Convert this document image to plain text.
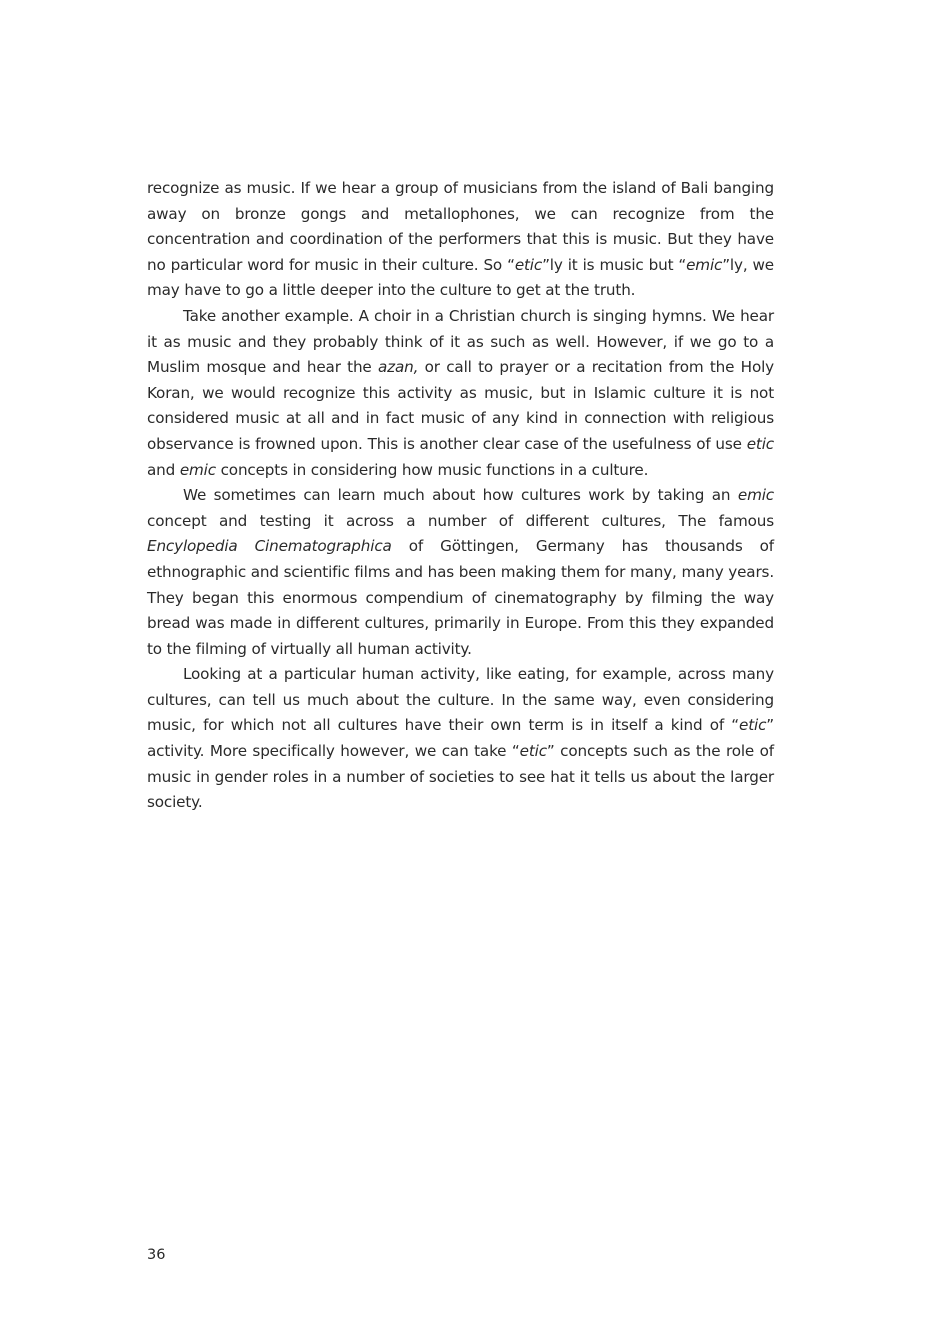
recognize as music. If we hear a group of musicians from the island of Bali banging away on bronze gongs and metallophones, we can recognize from the concentration and coordination of the performers that this is music. But they have no particular word for music in their culture. So “etic”ly it is music but “emic”ly, we may have to go a little deeper into the culture to get at the truth.

Take another example. A choir in a Christian church is singing hymns. We hear it as music and they probably think of it as such as well. However, if we go to a Muslim mosque and hear the azan, or call to prayer or a recitation from the Holy Koran, we would recognize this activity as music, but in Islamic culture it is not considered music at all and in fact music of any kind in connection with religious observance is frowned upon. This is another clear case of the usefulness of use etic and emic concepts in considering how music functions in a culture.

We sometimes can learn much about how cultures work by taking an emic concept and testing it across a number of different cultures, The famous Encylopedia Cinematographica of Göttingen, Germany has thousands of ethnographic and scientific films and has been making them for many, many years. They began this enormous compendium of cinematography by filming the way bread was made in different cultures, primarily in Europe. From this they expanded to the filming of virtually all human activity.

Looking at a particular human activity, like eating, for example, across many cultures, can tell us much about the culture. In the same way, even considering music, for which not all cultures have their own term is in itself a kind of “etic” activity. More specifically however, we can take “etic” concepts such as the role of music in gender roles in a number of societies to see hat it tells us about the larger society.

36
